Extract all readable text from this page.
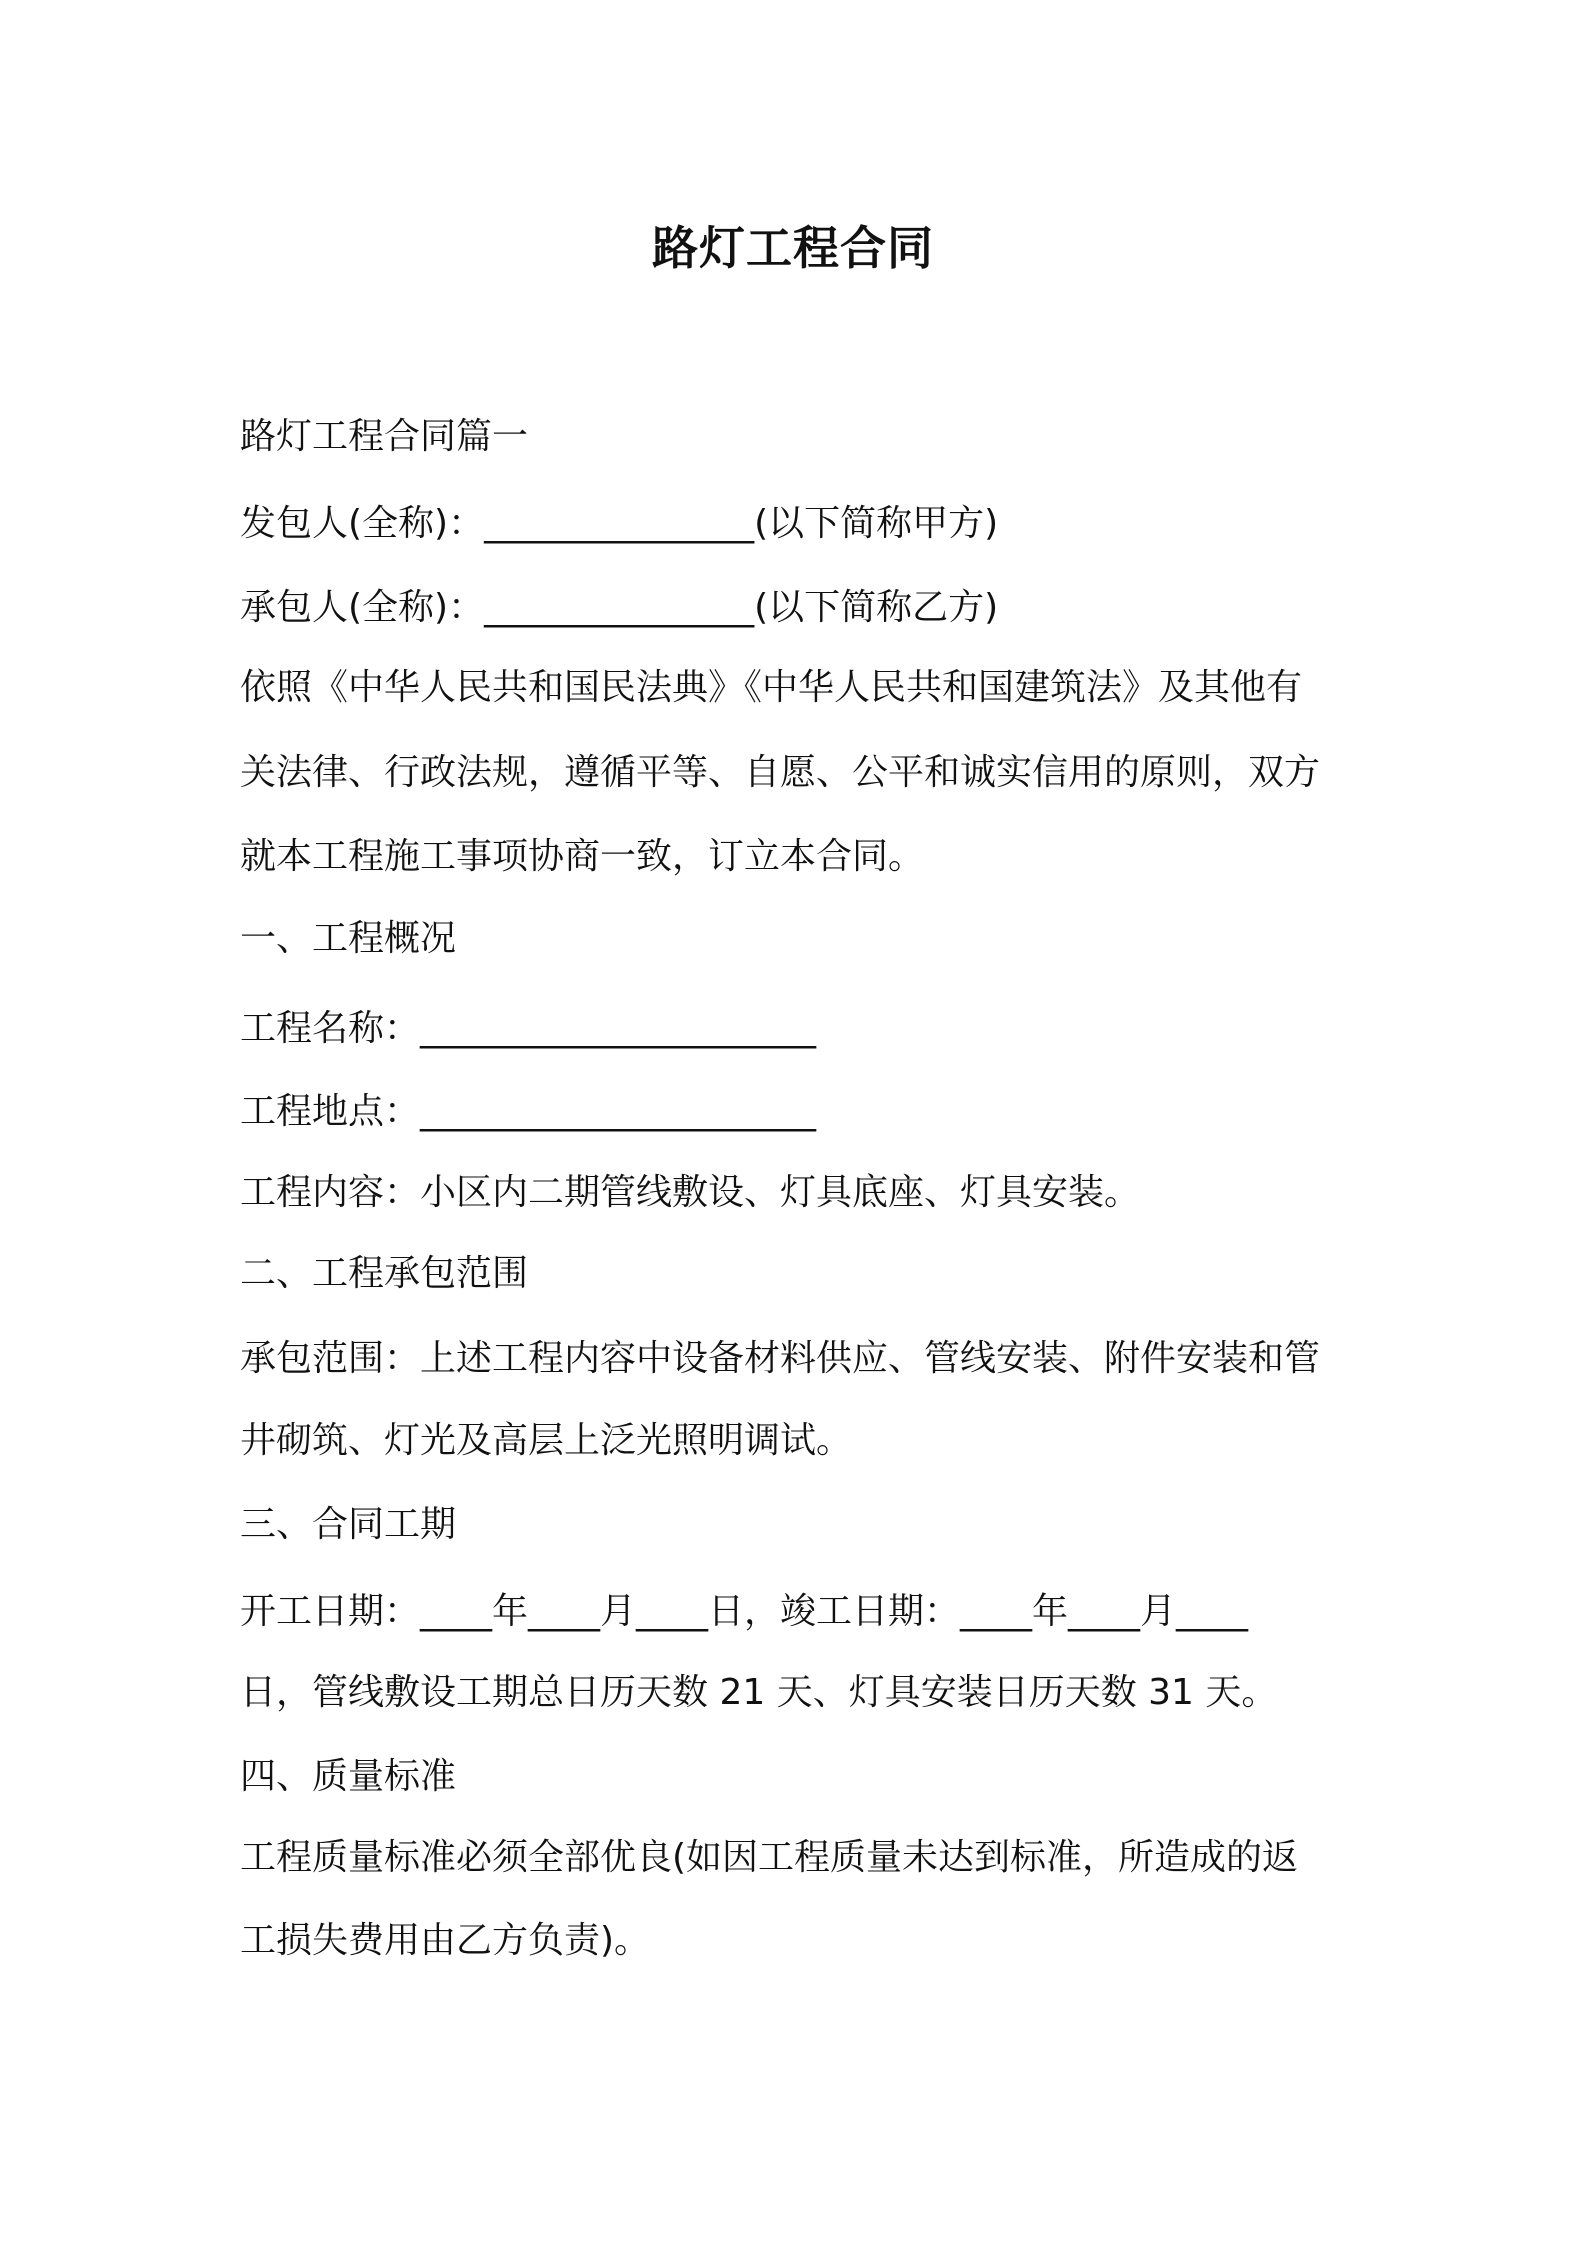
路灯工程合同
路灯工程合同篇一
发包人(全称)：_______________(以下简称甲方)
承包人(全称)：_______________(以下简称乙方)
依照《中华人民共和国民法典》《中华人民共和国建筑法》及其他有
关法律、行政法规，遵循平等、自愿、公平和诚实信用的原则，双方
就本工程施工事项协商一致，订立本合同。
一、工程概况
工程名称：______________________
工程地点：______________________
工程内容：小区内二期管线敷设、灯具底座、灯具安装。
二、工程承包范围
承包范围：上述工程内容中设备材料供应、管线安装、附件安装和管
井砌筑、灯光及高层上泛光照明调试。
三、合同工期
开工日期：____年____月____日，竣工日期：____年____月____
日，管线敷设工期总日历天数 21 天、灯具安装日历天数 31 天。
四、质量标准
工程质量标准必须全部优良(如因工程质量未达到标准，所造成的返
工损失费用由乙方负责)。
